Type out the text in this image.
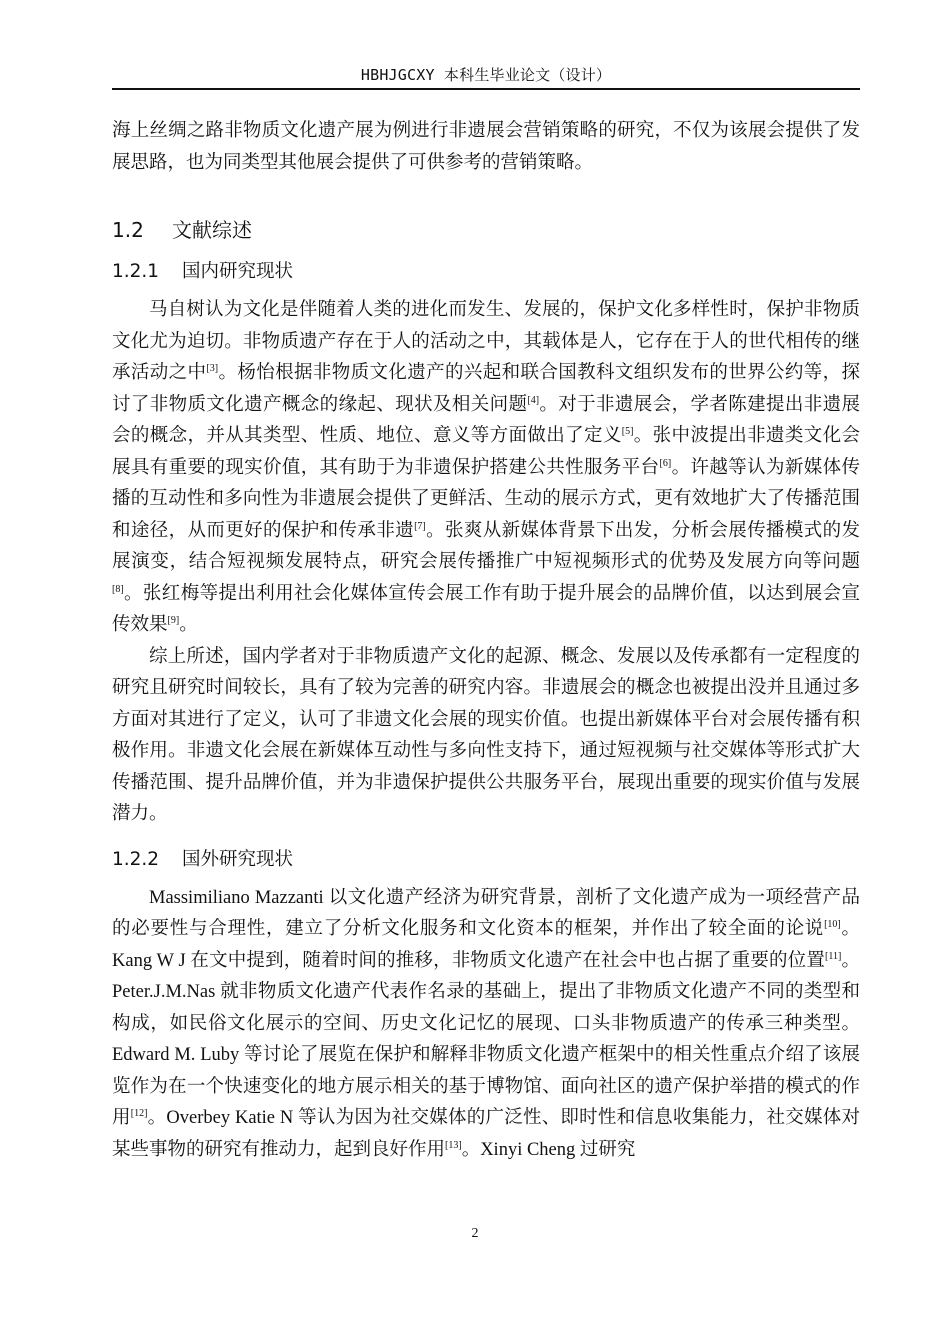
HBHJGCXY 本科生毕业论文（设计）

海上丝绸之路非物质文化遗产展为例进行非遗展会营销策略的研究，不仅为该展会提供了发展思路，也为同类型其他展会提供了可供参考的营销策略。

1.2 文献综述
1.2.1 国内研究现状

马自树认为文化是伴随着人类的进化而发生、发展的，保护文化多样性时，保护非物质文化尤为迫切。非物质遗产存在于人的活动之中，其载体是人，它存在于人的世代相传的继承活动之中[3]。杨怡根据非物质文化遗产的兴起和联合国教科文组织发布的世界公约等，探讨了非物质文化遗产概念的缘起、现状及相关问题[4]。对于非遗展会，学者陈建提出非遗展会的概念，并从其类型、性质、地位、意义等方面做出了定义[5]。张中波提出非遗类文化会展具有重要的现实价值，其有助于为非遗保护搭建公共性服务平台[6]。许越等认为新媒体传播的互动性和多向性为非遗展会提供了更鲜活、生动的展示方式，更有效地扩大了传播范围和途径，从而更好的保护和传承非遗[7]。张爽从新媒体背景下出发，分析会展传播模式的发展演变，结合短视频发展特点，研究会展传播推广中短视频形式的优势及发展方向等问题[8]。张红梅等提出利用社会化媒体宣传会展工作有助于提升展会的品牌价值，以达到展会宣传效果[9]。

综上所述，国内学者对于非物质遗产文化的起源、概念、发展以及传承都有一定程度的研究且研究时间较长，具有了较为完善的研究内容。非遗展会的概念也被提出没并且通过多方面对其进行了定义，认可了非遗文化会展的现实价值。也提出新媒体平台对会展传播有积极作用。非遗文化会展在新媒体互动性与多向性支持下，通过短视频与社交媒体等形式扩大传播范围、提升品牌价值，并为非遗保护提供公共服务平台，展现出重要的现实价值与发展潜力。

1.2.2 国外研究现状

Massimiliano Mazzanti 以文化遗产经济为研究背景，剖析了文化遗产成为一项经营产品的必要性与合理性，建立了分析文化服务和文化资本的框架，并作出了较全面的论说[10]。 Kang W J 在文中提到，随着时间的推移，非物质文化遗产在社会中也占据了重要的位置[11]。Peter.J.M.Nas 就非物质文化遗产代表作名录的基础上，提出了非物质文化遗产不同的类型和构成，如民俗文化展示的空间、历史文化记忆的展现、口头非物质遗产的传承三种类型。Edward M. Luby 等讨论了展览在保护和解释非物质文化遗产框架中的相关性重点介绍了该展览作为在一个快速变化的地方展示相关的基于博物馆、面向社区的遗产保护举措的模式的作用[12]。Overbey Katie N 等认为因为社交媒体的广泛性、即时性和信息收集能力，社交媒体对某些事物的研究有推动力，起到良好作用[13]。Xinyi Cheng 过研究

2
